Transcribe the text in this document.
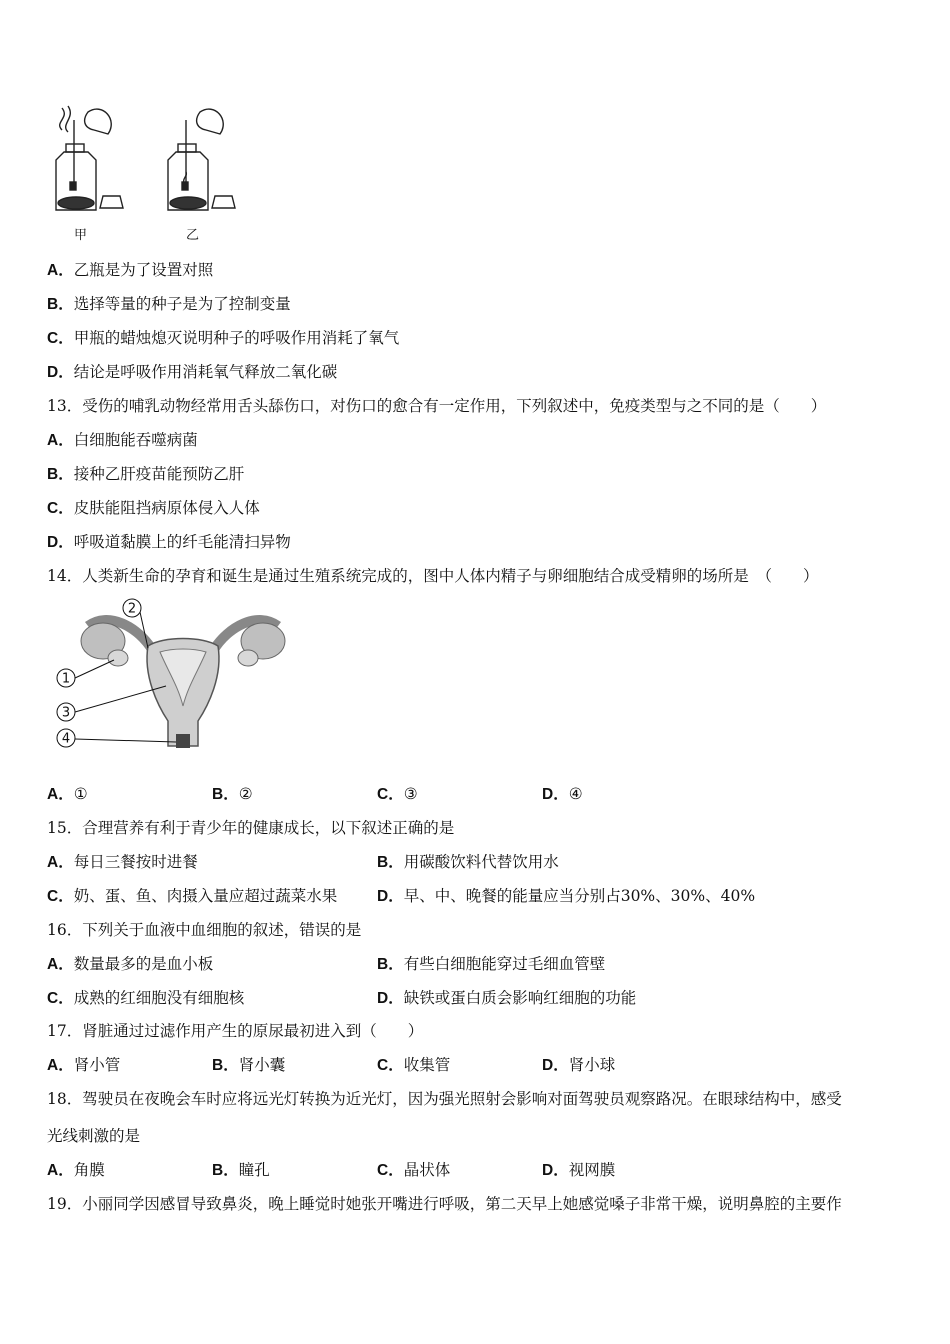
甲	乙
A．乙瓶是为了设置对照
B．选择等量的种子是为了控制变量
C．甲瓶的蜡烛熄灭说明种子的呼吸作用消耗了氧气
D．结论是呼吸作用消耗氧气释放二氧化碳
13．受伤的哺乳动物经常用舌头舔伤口，对伤口的愈合有一定作用，下列叙述中，免疫类型与之不同的是（　　）
A．白细胞能吞噬病菌
B．接种乙肝疫苗能预防乙肝
C．皮肤能阻挡病原体侵入人体
D．呼吸道黏膜上的纤毛能清扫异物
14．人类新生命的孕育和诞生是通过生殖系统完成的，图中人体内精子与卵细胞结合成受精卵的场所是　（　　）
2
1
3
4
A．①	B．②	C．③	D．④
15．合理营养有利于青少年的健康成长，以下叙述正确的是
A．每日三餐按时进餐	B．用碳酸饮料代替饮用水
C．奶、蛋、鱼、肉摄入量应超过蔬菜水果	D．早、中、晚餐的能量应当分别占30%、30%、40%
16．下列关于血液中血细胞的叙述，错误的是
A．数量最多的是血小板	B．有些白细胞能穿过毛细血管壁
C．成熟的红细胞没有细胞核	D．缺铁或蛋白质会影响红细胞的功能
17．肾脏通过过滤作用产生的原尿最初进入到（　　）
A．肾小管	B．肾小囊	C．收集管	D．肾小球
18．驾驶员在夜晚会车时应将远光灯转换为近光灯，因为强光照射会影响对面驾驶员观察路况。在眼球结构中，感受
光线刺激的是
A．角膜	B．瞳孔	C．晶状体	D．视网膜
19．小丽同学因感冒导致鼻炎，晚上睡觉时她张开嘴进行呼吸，第二天早上她感觉嗓子非常干燥，说明鼻腔的主要作
